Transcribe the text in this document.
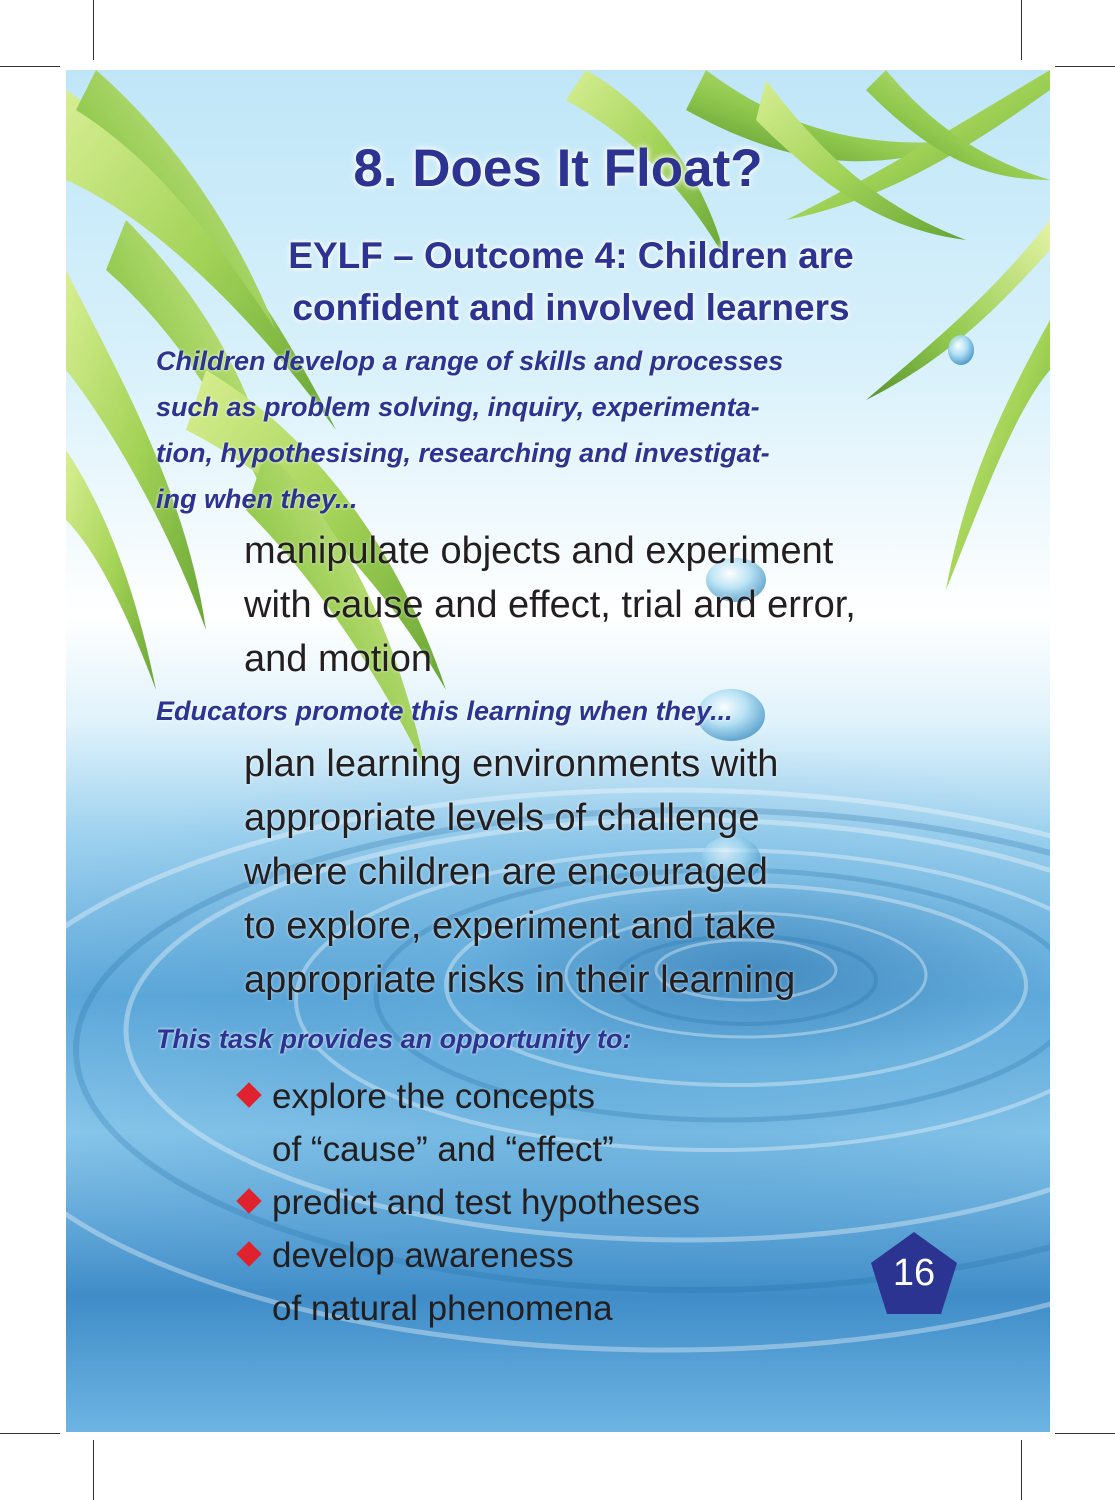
8. Does It Float?
EYLF – Outcome 4: Children are
confident and involved learners

Children develop a range of skills and processes
such as problem solving, inquiry, experimenta-
tion, hypothesising, researching and investigat-
ing when they...

manipulate objects and experiment
with cause and effect, trial and error,
and motion

Educators promote this learning when they...

plan learning environments with
appropriate levels of challenge
where children are encouraged
to explore, experiment and take
appropriate risks in their learning

This task provides an opportunity to:

explore the concepts
of “cause” and “effect”
predict and test hypotheses
develop awareness
of natural phenomena
16
